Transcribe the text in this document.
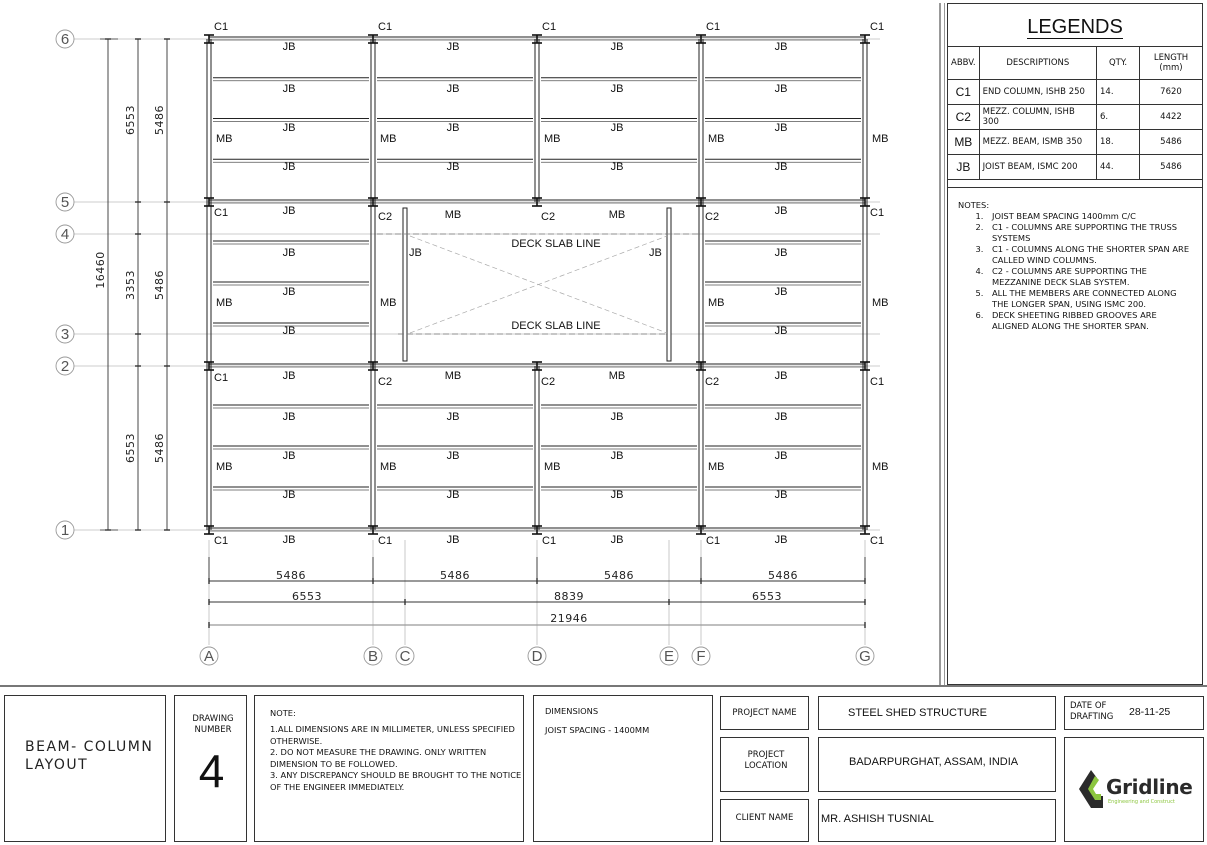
DECK SLAB LINE
DECK SLAB LINE
C1	C1	C1	C1	C1
C1	C2	C2	C2	C1
C1	C2	C2	C2	C1
C1	C1	C1	C1	C1
JB
JB
JB
JB
JB
JB
JB
JB
JB
JB
JB
JB
JB
JB
JB
JB
JB
JB
JB
JB
JB
JB
JB
JB
JB
JB
JB
JB
JB
JB
JB
JB
MB
JB
JB
JB
MB
JB
JB
JB
JB
JB
JB
JB
MB	MB
JB	JB
MB	MB	MB	MB	MB
MB	MB	MB	MB
MB	MB	MB	MB	MB
6
5
4
3
2
1
A	B C	D	E F	G
16460
6553
3353
6553
5486
5486
5486
5486	5486	5486	5486
6553	8839	6553
21946
LEGENDS
ABBV.	DESCRIPTIONS	QTY.	LENGTH (mm)
C1	END COLUMN, ISHB 250	14.	7620
C2	MEZZ. COLUMN, ISHB 300	6.	4422
MB	MEZZ. BEAM, ISMB 350	18.	5486
JB	JOIST BEAM, ISMC 200	44.	5486
NOTES:
1. JOIST BEAM SPACING 1400mm C/C
2. C1 - COLUMNS ARE SUPPORTING THE TRUSS SYSTEMS
3. C1 - COLUMNS ALONG THE SHORTER SPAN ARE CALLED WIND COLUMNS.
4. C2 - COLUMNS ARE SUPPORTING THE MEZZANINE DECK SLAB SYSTEM.
5. ALL THE MEMBERS ARE CONNECTED ALONG THE LONGER SPAN, USING ISMC 200.
6. DECK SHEETING RIBBED GROOVES ARE ALIGNED ALONG THE SHORTER SPAN.
BEAM- COLUMN LAYOUT
DRAWING NUMBER
4
NOTE:
1.ALL DIMENSIONS ARE IN MILLIMETER, UNLESS SPECIFIED OTHERWISE.
2. DO NOT MEASURE THE DRAWING. ONLY WRITTEN DIMENSION TO BE FOLLOWED.
3. ANY DISCREPANCY SHOULD BE BROUGHT TO THE NOTICE OF THE ENGINEER IMMEDIATELY.
DIMENSIONS
JOIST SPACING - 1400MM
PROJECT NAME	STEEL SHED STRUCTURE
PROJECT LOCATION	BADARPURGHAT, ASSAM, INDIA
CLIENT NAME	MR. ASHISH TUSNIAL
DATE OF DRAFTING 28-11-25
Gridline
Engineering and Construct
